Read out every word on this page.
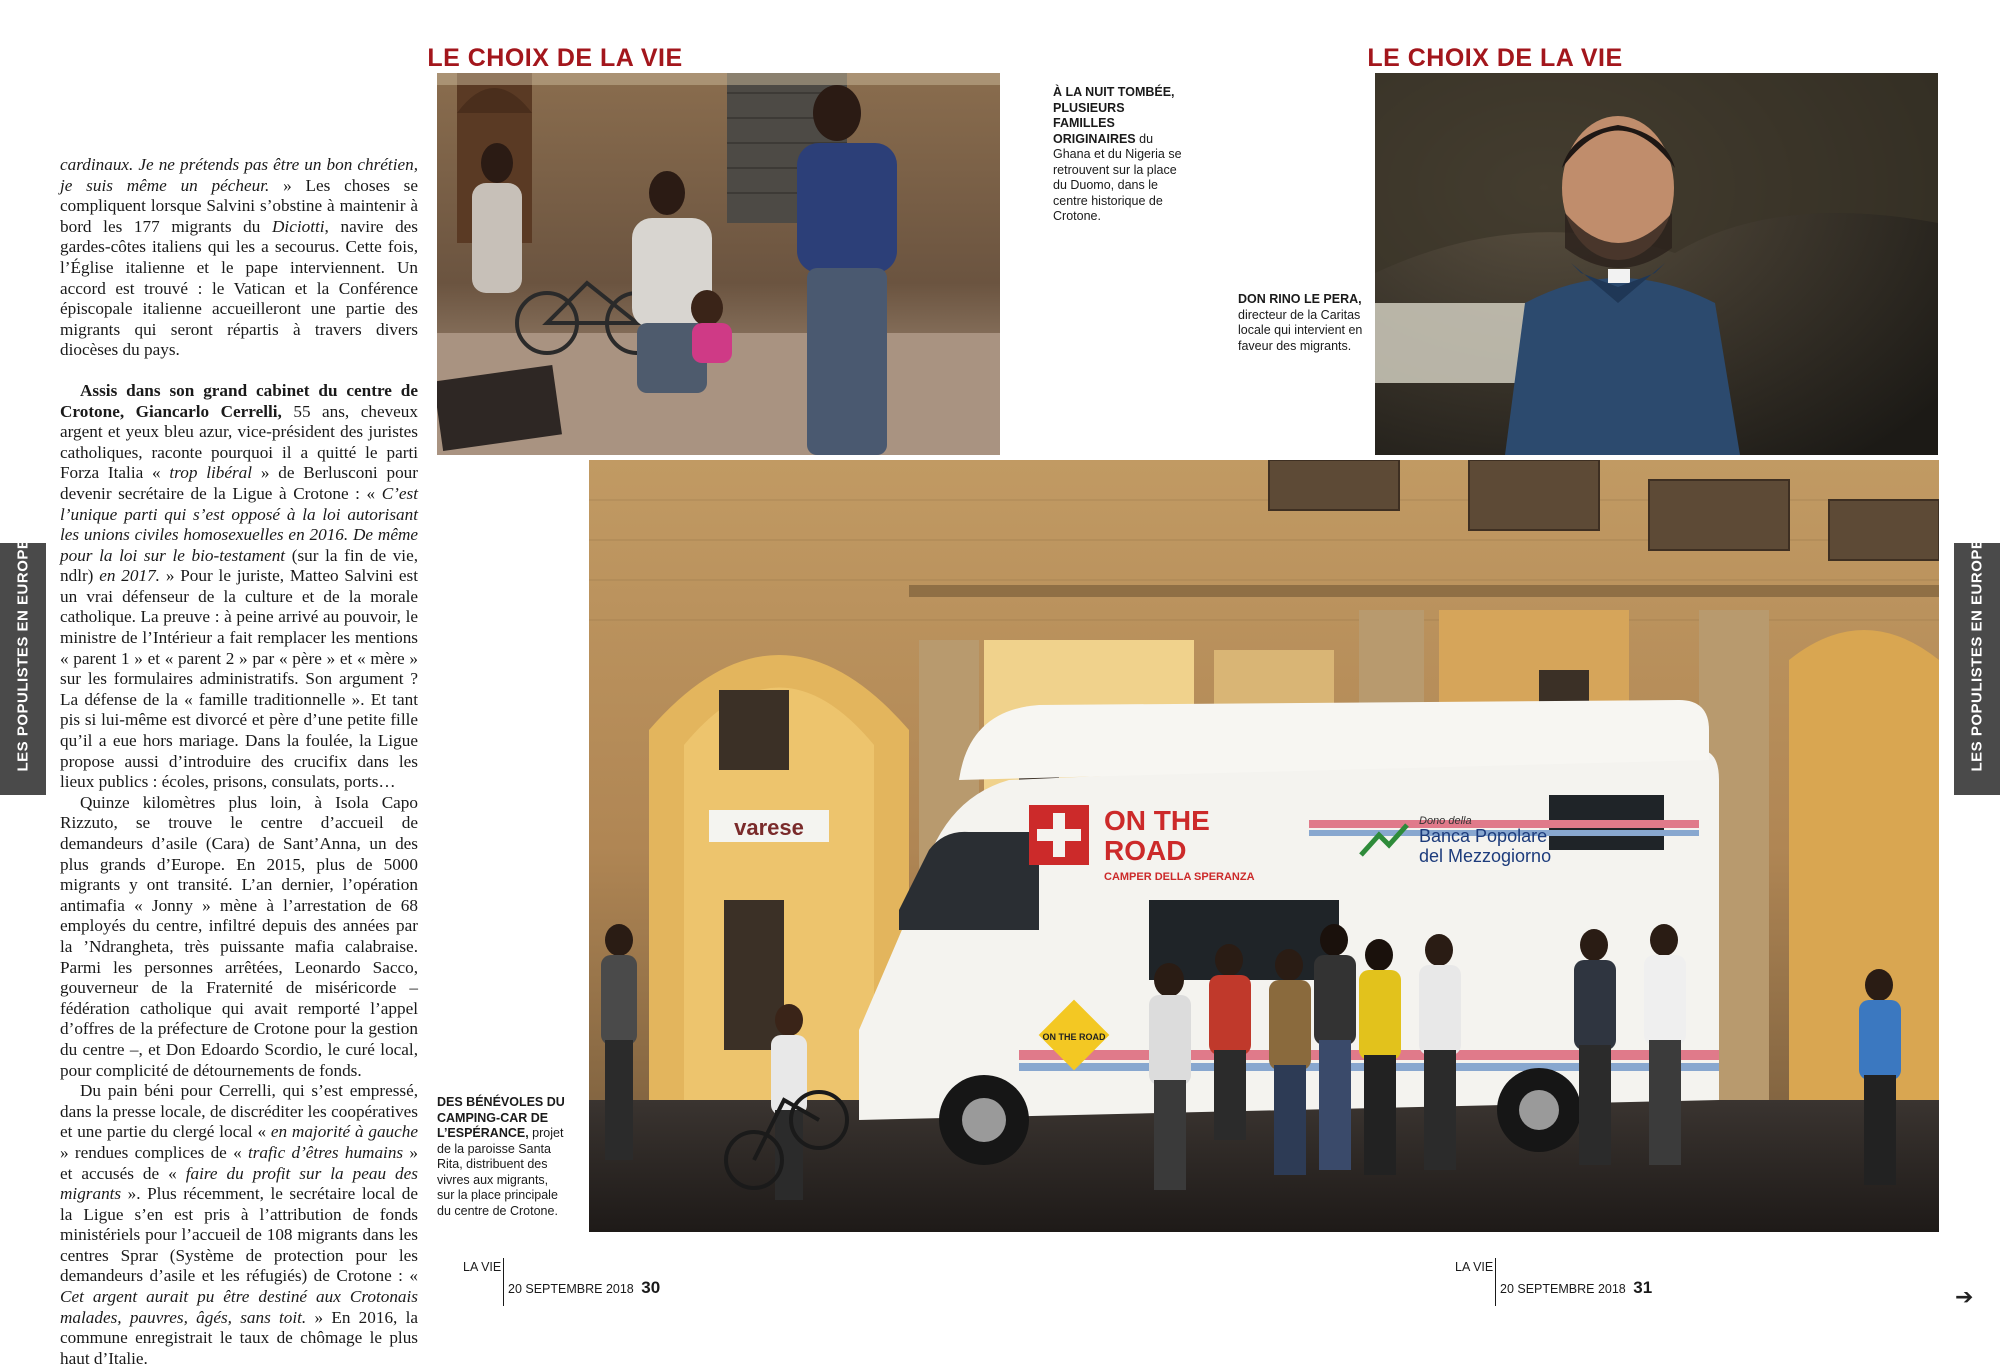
LE CHOIX DE LA VIE
LES POPULISTES EN EUROPE

cardinaux. Je ne prétends pas être un bon chrétien, je suis même un pécheur. » Les choses se compliquent lorsque Salvini s’obstine à maintenir à bord les 177 migrants du Diciotti, navire des gardes-côtes italiens qui les a secourus. Cette fois, l’Église italienne et le pape interviennent. Un accord est trouvé : le Vatican et la Conférence épiscopale italienne accueilleront une partie des migrants qui seront répartis à travers divers diocèses du pays.

Assis dans son grand cabinet du centre de Crotone, Giancarlo Cerrelli, 55 ans, cheveux argent et yeux bleu azur, vice-président des juristes catholiques, raconte pourquoi il a quitté le parti Forza Italia « trop libéral » de Berlusconi pour devenir secrétaire de la Ligue à Crotone : « C’est l’unique parti qui s’est opposé à la loi autorisant les unions civiles homosexuelles en 2016. De même pour la loi sur le bio-testament (sur la fin de vie, ndlr) en 2017. » Pour le juriste, Matteo Salvini est un vrai défenseur de la culture et de la morale catholique. La preuve : à peine arrivé au pouvoir, le ministre de l’Intérieur a fait remplacer les mentions « parent 1 » et « parent 2 » par « père » et « mère » sur les formulaires administratifs. Son argument ? La défense de la « famille traditionnelle ». Et tant pis si lui-même est divorcé et père d’une petite fille qu’il a eue hors mariage. Dans la foulée, la Ligue propose aussi d’introduire des crucifix dans les lieux publics : écoles, prisons, consulats, ports…

Quinze kilomètres plus loin, à Isola Capo Rizzuto, se trouve le centre d’accueil de demandeurs d’asile (Cara) de Sant’Anna, un des plus grands d’Europe. En 2015, plus de 5000 migrants y ont transité. L’an dernier, l’opération antimafia « Jonny » mène à l’arrestation de 68 employés du centre, infiltré depuis des années par la ’Ndrangheta, très puissante mafia calabraise. Parmi les personnes arrêtées, Leonardo Sacco, gouverneur de la Fraternité de miséricorde – fédération catholique qui avait remporté l’appel d’offres de la préfecture de Crotone pour la gestion du centre –, et Don Edoardo Scordio, le curé local, pour complicité de détournements de fonds.

Du pain béni pour Cerrelli, qui s’est empressé, dans la presse locale, de discréditer les coopératives et une partie du clergé local « en majorité à gauche » rendues complices de « trafic d’êtres humains » et accusés de « faire du profit sur la peau des migrants ». Plus récemment, le secrétaire local de la Ligue s’en est pris à l’attribution de fonds ministériels pour l’accueil de 108 migrants dans les centres Sprar (Système de protection pour les demandeurs d’asile et les réfugiés) de Crotone : « Cet argent aurait pu être destiné aux Crotonais malades, pauvres, âgés, sans toit. » En 2016, la commune enregistrait le taux de chômage le plus haut d’Italie.

DES BÉNÉVOLES DU CAMPING-CAR DE L’ESPÉRANCE, projet de la paroisse Santa Rita, distribuent des vivres aux migrants, sur la place principale du centre de Crotone.
LA VIE
20 SEPTEMBRE 2018 30
LE CHOIX DE LA VIE
À LA NUIT TOMBÉE, PLUSIEURS FAMILLES ORIGINAIRES du Ghana et du Nigeria se retrouvent sur la place du Duomo, dans le centre historique de Crotone.
DON RINO LE PERA, directeur de la Caritas locale qui intervient en faveur des migrants.
LES POPULISTES EN EUROPE
varese	ON THE
ROAD
CAMPER DELLA SPERANZA
Dono della
Banca Popolare
del Mezzogiorno
ON THE ROAD
LA VIE
20 SEPTEMBRE 2018 31	➔
